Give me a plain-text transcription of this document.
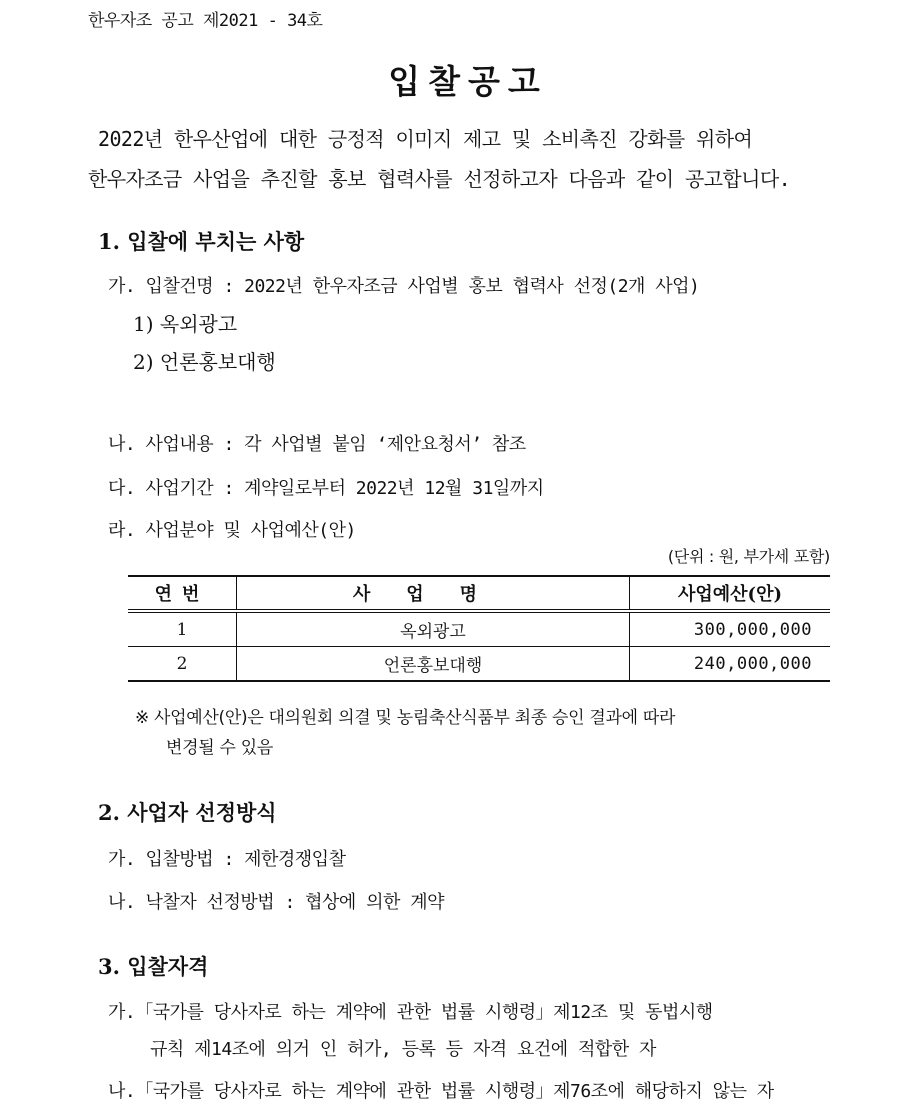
한우자조 공고 제2021 - 34호
입찰공고
2022년 한우산업에 대한 긍정적 이미지 제고 및 소비촉진 강화를 위하여
한우자조금 사업을 추진할 홍보 협력사를 선정하고자 다음과 같이 공고합니다.
1. 입찰에 부치는 사항
가. 입찰건명 : 2022년 한우자조금 사업별 홍보 협력사 선정(2개 사업)
1) 옥외광고
2) 언론홍보대행
나. 사업내용 : 각 사업별 붙임 ‘제안요청서’ 참조
다. 사업기간 : 계약일로부터 2022년 12월 31일까지
라. 사업분야 및 사업예산(안)
(단위 : 원, 부가세 포함)
연번	사업명	사업예산(안)
1	옥외광고	300,000,000
2	언론홍보대행	240,000,000
※ 사업예산(안)은 대의원회 의결 및 농림축산식품부 최종 승인 결과에 따라
변경될 수 있음
2. 사업자 선정방식
가. 입찰방법 : 제한경쟁입찰
나. 낙찰자 선정방법 : 협상에 의한 계약
3. 입찰자격
가.「국가를 당사자로 하는 계약에 관한 법률 시행령」제12조 및 동법시행
규칙 제14조에 의거 인 허가, 등록 등 자격 요건에 적합한 자
나.「국가를 당사자로 하는 계약에 관한 법률 시행령」제76조에 해당하지 않는 자
